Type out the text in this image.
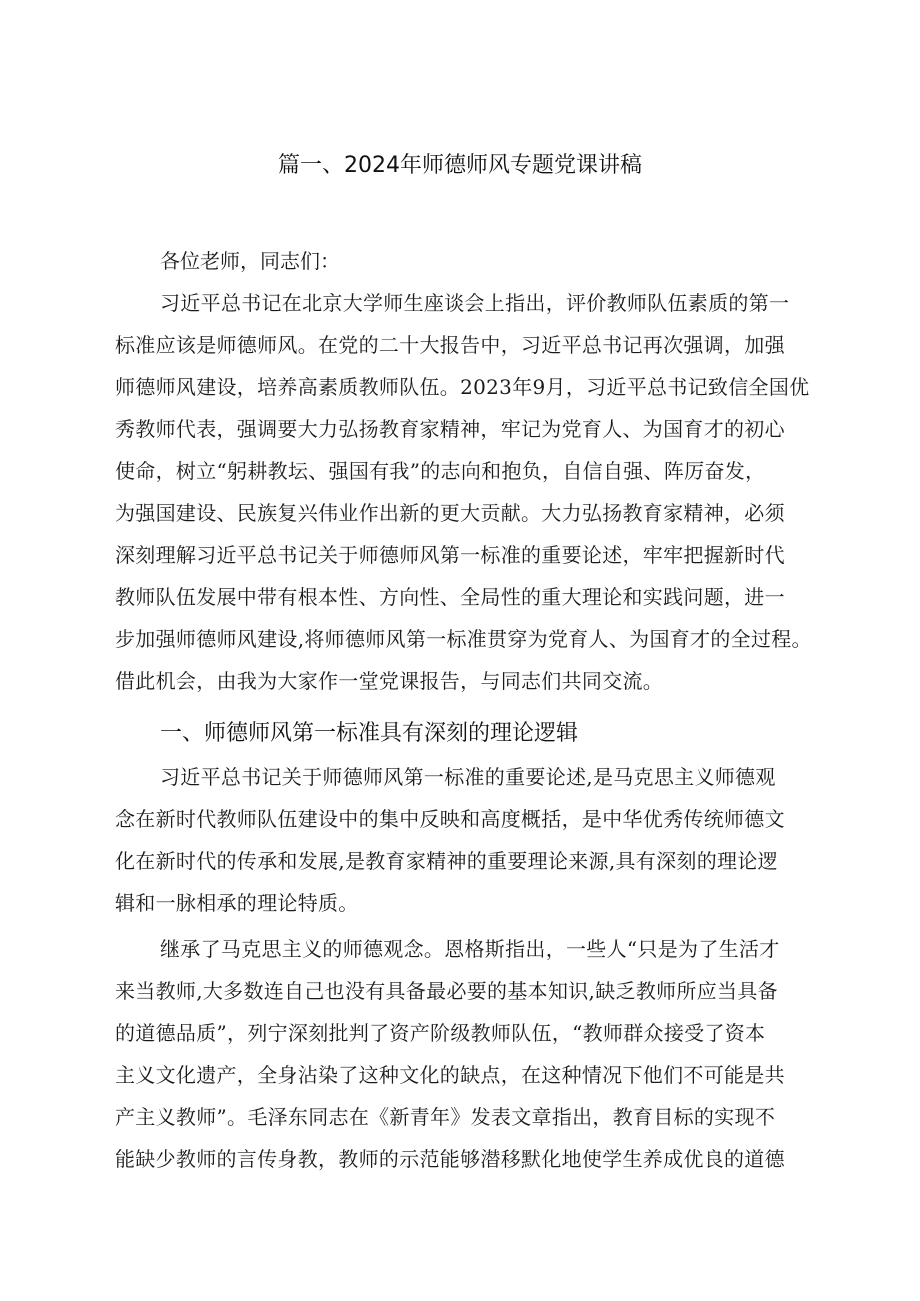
篇一、2024年师德师风专题党课讲稿
各位老师，同志们：
习近平总书记在北京大学师生座谈会上指出，评价教师队伍素质的第一
标准应该是师德师风。在党的二十大报告中，习近平总书记再次强调，加强
师德师风建设，培养高素质教师队伍。2023年9月，习近平总书记致信全国优
秀教师代表，强调要大力弘扬教育家精神，牢记为党育人、为国育才的初心
使命，树立“躬耕教坛、强国有我”的志向和抱负，自信自强、阵厉奋发，
为强国建设、民族复兴伟业作出新的更大贡献。大力弘扬教育家精神，必须
深刻理解习近平总书记关于师德师风第一标准的重要论述，牢牢把握新时代
教师队伍发展中带有根本性、方向性、全局性的重大理论和实践问题，进一
步加强师德师风建设,将师德师风第一标准贯穿为党育人、为国育才的全过程。
借此机会，由我为大家作一堂党课报告，与同志们共同交流。
一、师德师风第一标准具有深刻的理论逻辑
习近平总书记关于师德师风第一标准的重要论述,是马克思主义师德观
念在新时代教师队伍建设中的集中反映和高度概括，是中华优秀传统师德文
化在新时代的传承和发展,是教育家精神的重要理论来源,具有深刻的理论逻
辑和一脉相承的理论特质。
继承了马克思主义的师德观念。恩格斯指出，一些人“只是为了生活才
来当教师,大多数连自己也没有具备最必要的基本知识,缺乏教师所应当具备
的道德品质”，列宁深刻批判了资产阶级教师队伍，“教师群众接受了资本
主义文化遗产，全身沾染了这种文化的缺点，在这种情况下他们不可能是共
产主义教师”。毛泽东同志在《新青年》发表文章指出，教育目标的实现不
能缺少教师的言传身教，教师的示范能够潜移默化地使学生养成优良的道德
